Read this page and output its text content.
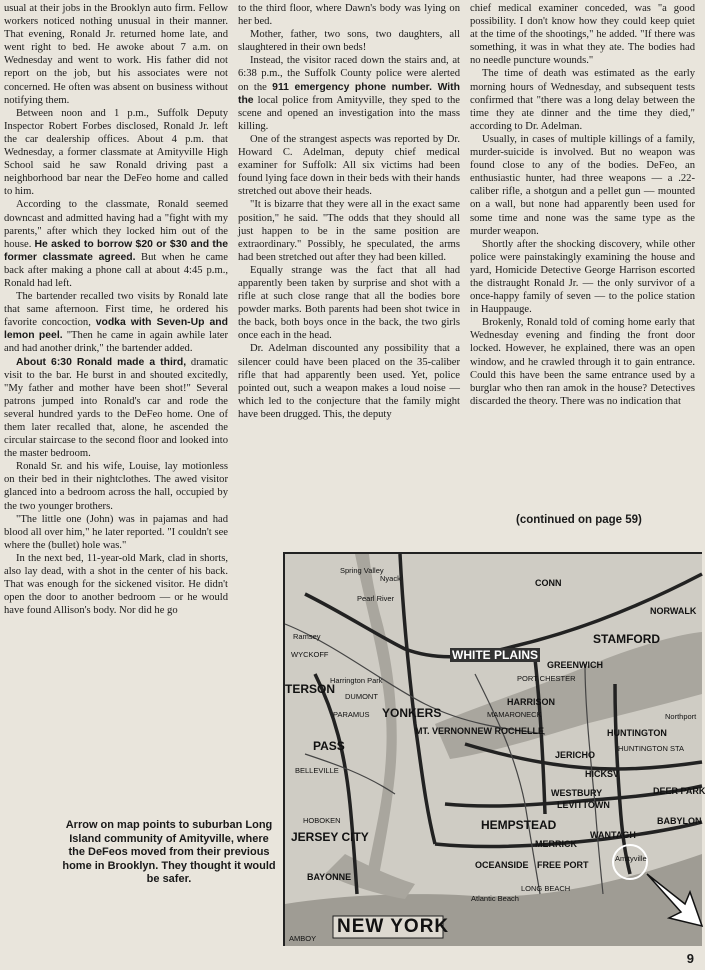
usual at their jobs in the Brooklyn auto firm. Fellow workers noticed nothing unusual in their manner. That evening, Ronald Jr. returned home late, and went right to bed. He awoke about 7 a.m. on Wednesday and went to work. His father did not report on the job, but his associates were not concerned. He often was absent on business without notifying them.

Between noon and 1 p.m., Suffolk Deputy Inspector Robert Forbes disclosed, Ronald Jr. left the car dealership offices. About 4 p.m. that Wednesday, a former classmate at Amityville High School said he saw Ronald driving past a neighborhood bar near the DeFeo home and called to him.

According to the classmate, Ronald seemed downcast and admitted having had a "fight with my parents," after which they locked him out of the house. He asked to borrow $20 or $30 and the former classmate agreed. But when he came back after making a phone call at about 4:45 p.m., Ronald had left.

The bartender recalled two visits by Ronald late that same afternoon. First time, he ordered his favorite concoction, vodka with Seven-Up and lemon peel. "Then he came in again awhile later and had another drink," the bartender added.

About 6:30 Ronald made a third, dramatic visit to the bar. He burst in and shouted excitedly, "My father and mother have been shot!" Several patrons jumped into Ronald's car and rode the several hundred yards to the DeFeo home. One of them later recalled that, alone, he ascended the circular staircase to the second floor and looked into the master bedroom.

Ronald Sr. and his wife, Louise, lay motionless on their bed in their nightclothes. The awed visitor glanced into a bedroom across the hall, occupied by the two younger brothers.

"The little one (John) was in pajamas and had blood all over him," he later reported. "I couldn't see where the (bullet) hole was."

In the next bed, 11-year-old Mark, clad in shorts, also lay dead, with a shot in the center of his back. That was enough for the sickened visitor. He didn't open the door to another bedroom — or he would have found Allison's body. Nor did he go

to the third floor, where Dawn's body was lying on her bed.

Mother, father, two sons, two daughters, all slaughtered in their own beds!

Instead, the visitor raced down the stairs and, at 6:38 p.m., the Suffolk County police were alerted on the 911 emergency phone number. With the local police from Amityville, they sped to the scene and opened an investigation into the mass killing.

One of the strangest aspects was reported by Dr. Howard C. Adelman, deputy chief medical examiner for Suffolk: All six victims had been found lying face down in their beds with their hands stretched out above their heads.

"It is bizarre that they were all in the exact same position," he said. "The odds that they should all just happen to be in the same position are extraordinary." Possibly, he speculated, the arms had been stretched out after they had been killed.

Equally strange was the fact that all had apparently been taken by surprise and shot with a rifle at such close range that all the bodies bore powder marks. Both parents had been shot twice in the back, both boys once in the back, the two girls once each in the head.

Dr. Adelman discounted any possibility that a silencer could have been placed on the 35-caliber rifle that had apparently been used. Yet, police pointed out, such a weapon makes a loud noise — which led to the conjecture that the family might have been drugged. This, the deputy

chief medical examiner conceded, was "a good possibility. I don't know how they could keep quiet at the time of the shootings," he added. "If there was something, it was in what they ate. The bodies had no needle puncture wounds."

The time of death was estimated as the early morning hours of Wednesday, and subsequent tests confirmed that "there was a long delay between the time they ate dinner and the time they died," according to Dr. Adelman.

Usually, in cases of multiple killings of a family, murder-suicide is involved. But no weapon was found close to any of the bodies. DeFeo, an enthusiastic hunter, had three weapons — a .22-caliber rifle, a shotgun and a pellet gun — mounted on a wall, but none had apparently been used for some time and none was the same type as the murder weapon.

Shortly after the shocking discovery, while other police were painstakingly examining the house and yard, Homicide Detective George Harrison escorted the distraught Ronald Jr. — the only survivor of a once-happy family of seven — to the police station in Hauppauge.

Brokenly, Ronald told of coming home early that Wednesday evening and finding the front door locked. However, he explained, there was an open window, and he crawled through it to gain entrance. Could this have been the same entrance used by a burglar who then ran amok in the house? Detectives discarded the theory. There was no indication that

(continued on page 59)
NEW YORK
WHITE PLAINS
STAMFORD
NORWALK
CONN
GREENWICH
PORT CHESTER
HARRISON
MAMARONECK
NEW ROCHELLE
YONKERS
MT. VERNON
Nyack
Spring Valley
Pearl River
Ramsey
WYCKOFF
Harrington Park
DUMONT
PARAMUS
TERSON
PASS
BELLEVILLE
HOBOKEN
JERSEY CITY
BAYONNE
AMBOY
HUNTINGTON
HUNTINGTON STA
Northport
JERICHO
HICKSV
WESTBURY
LEVITTOWN
HEMPSTEAD
MERRICK
WANTAGH
OCEANSIDE FREE PORT
LONG BEACH
Atlantic Beach
BABYLON
DEER PARK
Amityville
Arrow on map points to suburban Long Island community of Amityville, where the DeFeos moved from their previous home in Brooklyn. They thought it would be safer.
9
